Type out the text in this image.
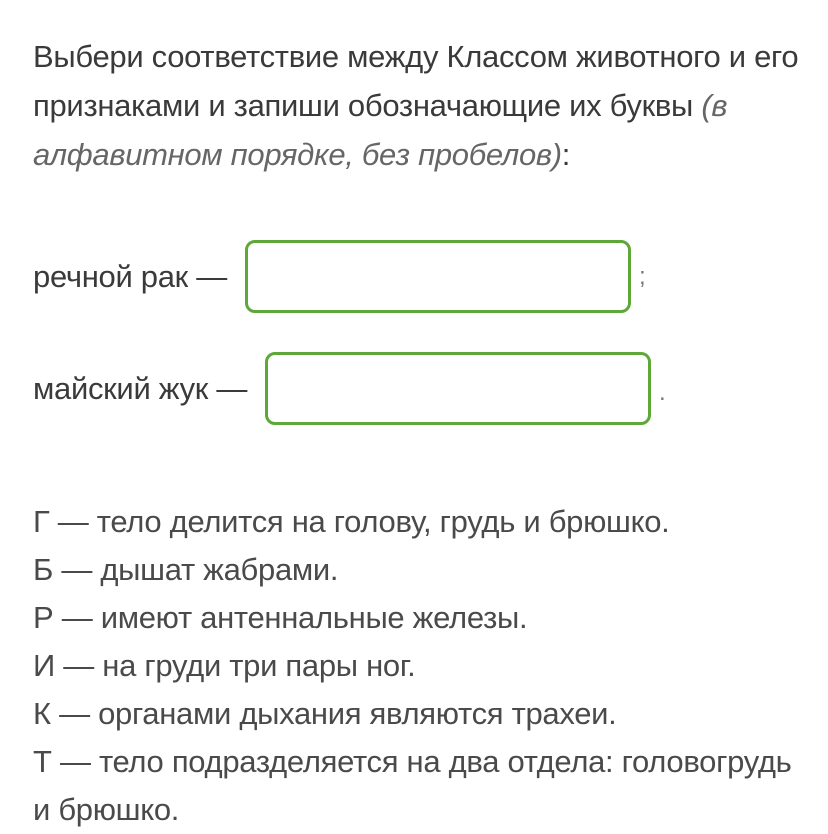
Выбери соответствие между Классом животного и его признаками и запиши обозначающие их буквы (в алфавитном порядке, без пробелов):
речной рак —	;
майский жук —	.

Г — тело делится на голову, грудь и брюшко.

Б — дышат жабрами.

Р — имеют антеннальные железы.

И — на груди три пары ног.

К — органами дыхания являются трахеи.

Т — тело подразделяется на два отдела: головогрудь и брюшко.
